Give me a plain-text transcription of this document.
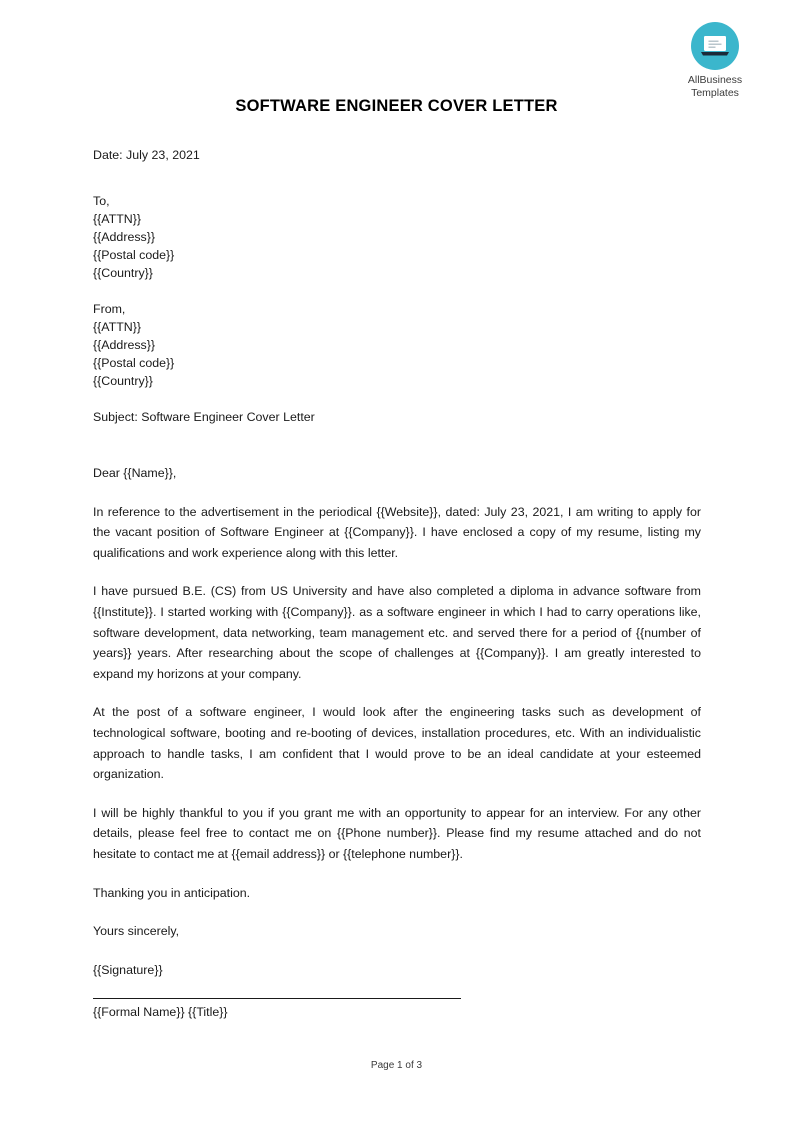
AllBusiness
Templates
SOFTWARE ENGINEER COVER LETTER
Date: July 23, 2021
To,
{{ATTN}}
{{Address}}
{{Postal code}}
{{Country}}
From,
{{ATTN}}
{{Address}}
{{Postal code}}
{{Country}}
Subject: Software Engineer Cover Letter
Dear {{Name}},

In reference to the advertisement in the periodical {{Website}}, dated: July 23, 2021, I am writing to apply for the vacant position of Software Engineer at {{Company}}. I have enclosed a copy of my resume, listing my qualifications and work experience along with this letter.

I have pursued B.E. (CS) from US University and have also completed a diploma in advance software from {{Institute}}. I started working with {{Company}}. as a software engineer in which I had to carry operations like, software development, data networking, team management etc. and served there for a period of {{number of years}} years. After researching about the scope of challenges at {{Company}}. I am greatly interested to expand my horizons at your company.

At the post of a software engineer, I would look after the engineering tasks such as development of technological software, booting and re-booting of devices, installation procedures, etc. With an individualistic approach to handle tasks, I am confident that I would prove to be an ideal candidate at your esteemed organization.

I will be highly thankful to you if you grant me with an opportunity to appear for an interview. For any other details, please feel free to contact me on {{Phone number}}. Please find my resume attached and do not hesitate to contact me at {{email address}} or {{telephone number}}.

Thanking you in anticipation.
Yours sincerely,
{{Signature}}
{{Formal Name}} {{Title}}
Page 1 of 3
